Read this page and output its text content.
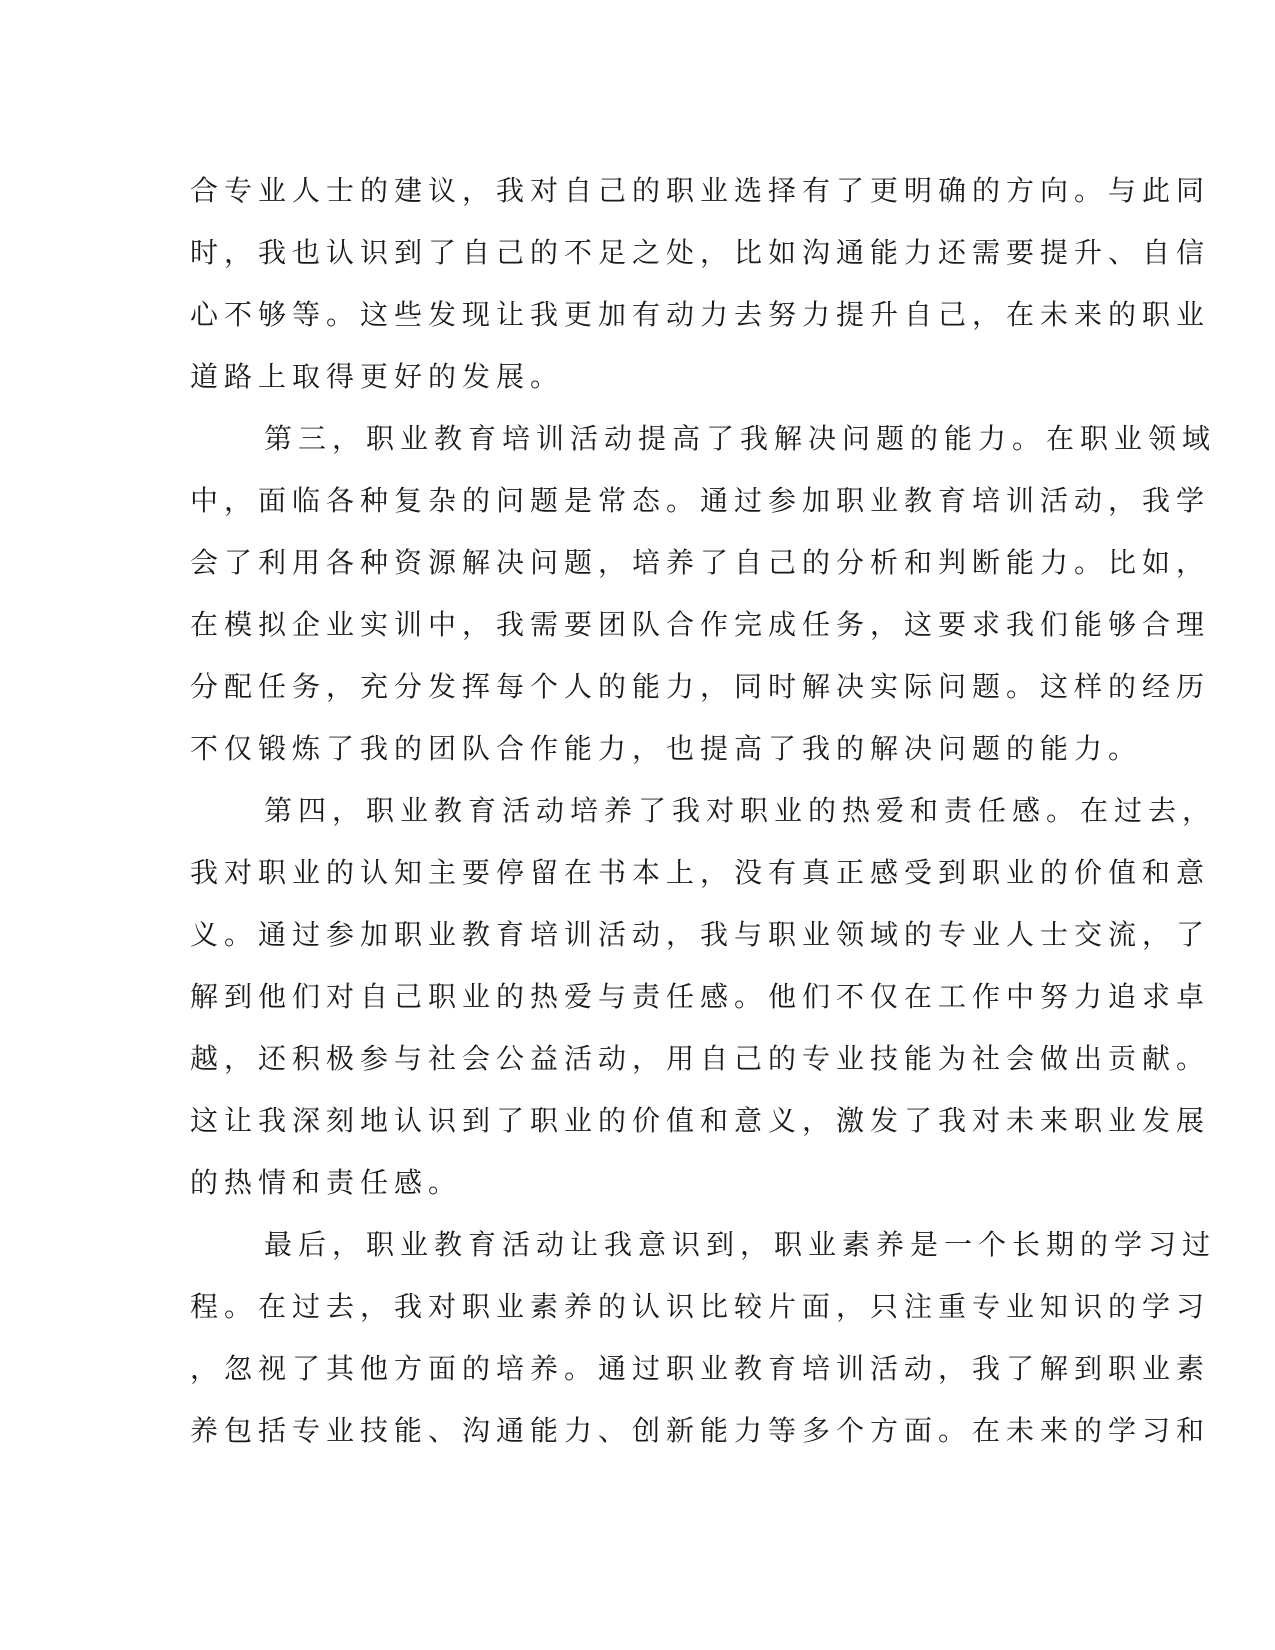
合专业人士的建议，我对自己的职业选择有了更明确的方向。与此同
时，我也认识到了自己的不足之处，比如沟通能力还需要提升、自信
心不够等。这些发现让我更加有动力去努力提升自己，在未来的职业
道路上取得更好的发展。
第三，职业教育培训活动提高了我解决问题的能力。在职业领域
中，面临各种复杂的问题是常态。通过参加职业教育培训活动，我学
会了利用各种资源解决问题，培养了自己的分析和判断能力。比如，
在模拟企业实训中，我需要团队合作完成任务，这要求我们能够合理
分配任务，充分发挥每个人的能力，同时解决实际问题。这样的经历
不仅锻炼了我的团队合作能力，也提高了我的解决问题的能力。
第四，职业教育活动培养了我对职业的热爱和责任感。在过去，
我对职业的认知主要停留在书本上，没有真正感受到职业的价值和意
义。通过参加职业教育培训活动，我与职业领域的专业人士交流，了
解到他们对自己职业的热爱与责任感。他们不仅在工作中努力追求卓
越，还积极参与社会公益活动，用自己的专业技能为社会做出贡献。
这让我深刻地认识到了职业的价值和意义，激发了我对未来职业发展
的热情和责任感。
最后，职业教育活动让我意识到，职业素养是一个长期的学习过
程。在过去，我对职业素养的认识比较片面，只注重专业知识的学习
，忽视了其他方面的培养。通过职业教育培训活动，我了解到职业素
养包括专业技能、沟通能力、创新能力等多个方面。在未来的学习和
